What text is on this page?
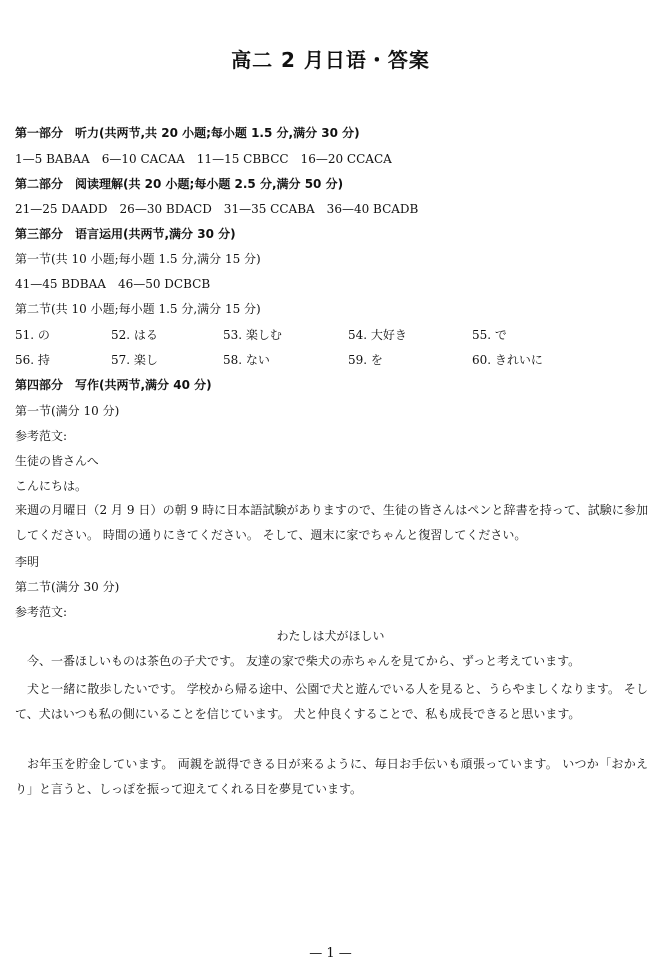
高二 2 月日语・答案
第一部分　听力(共两节,共 20 小题;每小题 1.5 分,满分 30 分)
1—5 BABAA　6—10 CACAA　11—15 CBBCC　16—20 CCACA
第二部分　阅读理解(共 20 小题;每小题 2.5 分,满分 50 分)
21—25 DAADD　26—30 BDACD　31—35 CCABA　36—40 BCADB
第三部分　语言运用(共两节,满分 30 分)
第一节(共 10 小题;每小题 1.5 分,满分 15 分)
41—45 BDBAA　46—50 DCBCB
第二节(共 10 小题;每小题 1.5 分,满分 15 分)
51. の	52. はる	53. 楽しむ	54. 大好き	55. で
56. 持	57. 楽し	58. ない	59. を	60. きれいに
第四部分　写作(共两节,满分 40 分)
第一节(满分 10 分)
参考范文:
生徒の皆さんへ
こんにちは。
来週の月曜日（2 月 9 日）の朝 9 時に日本語試験がありますので、生徒の皆さんはペンと辞書を持って、試験に参加してください。 時間の通りにきてください。 そして、週末に家でちゃんと復習してください。
李明
第二节(满分 30 分)
参考范文:
わたしは犬がほしい
今、一番ほしいものは茶色の子犬です。 友達の家で柴犬の赤ちゃんを見てから、ずっと考えています。
犬と一緒に散歩したいです。 学校から帰る途中、公園で犬と遊んでいる人を見ると、うらやましくなります。 そして、犬はいつも私の側にいることを信じています。 犬と仲良くすることで、私も成長できると思います。
お年玉を貯金しています。 両親を説得できる日が来るように、毎日お手伝いも頑張っています。 いつか「おかえり」と言うと、しっぽを振って迎えてくれる日を夢見ています。
— 1 —
